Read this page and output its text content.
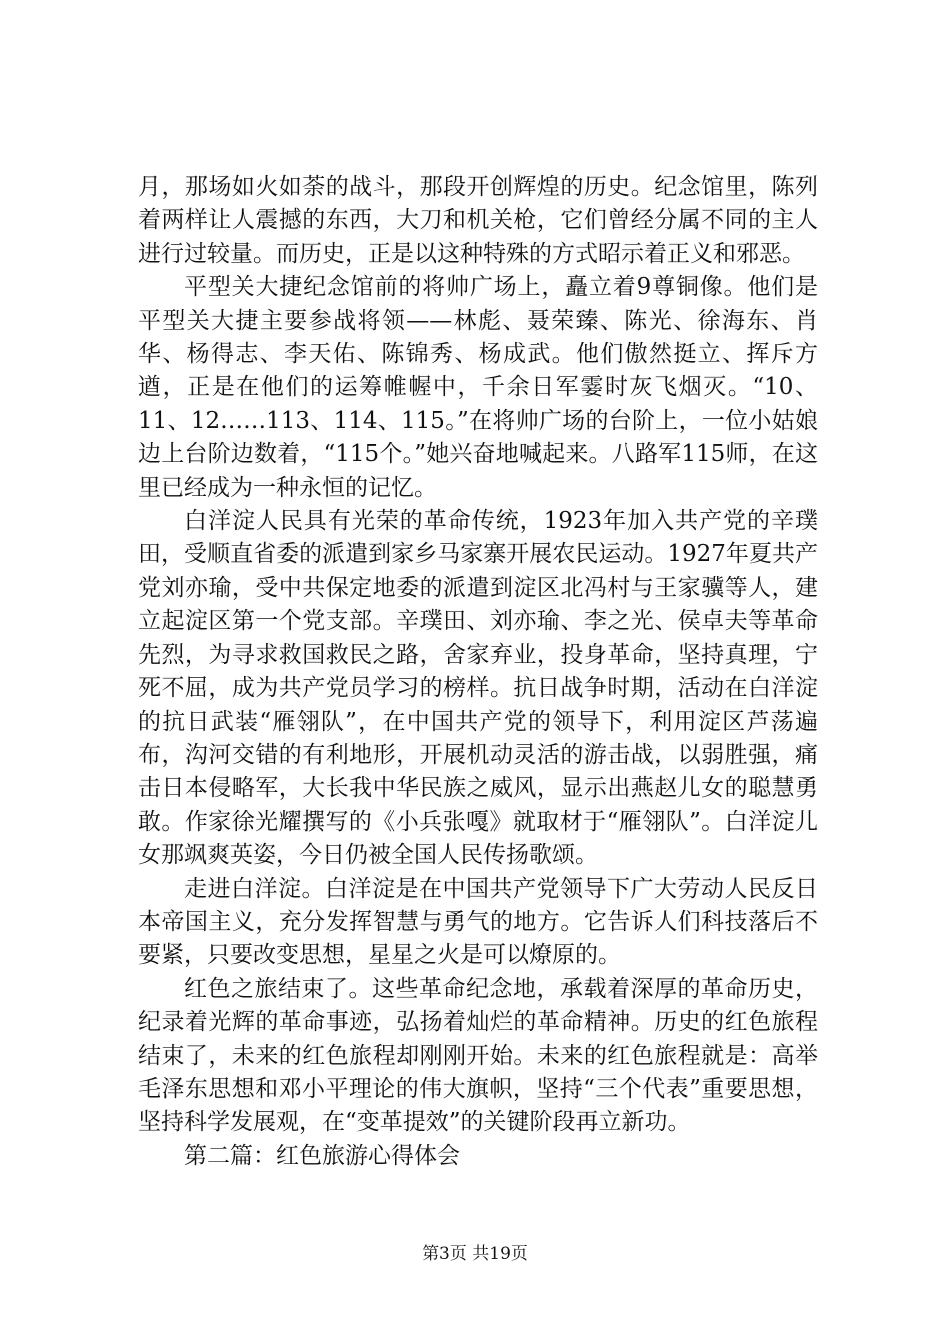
月，那场如火如荼的战斗，那段开创辉煌的历史。纪念馆里，陈列着两样让人震撼的东西，大刀和机关枪，它们曾经分属不同的主人进行过较量。而历史，正是以这种特殊的方式昭示着正义和邪恶。

平型关大捷纪念馆前的将帅广场上，矗立着9尊铜像。他们是平型关大捷主要参战将领——林彪、聂荣臻、陈光、徐海东、肖华、杨得志、李天佑、陈锦秀、杨成武。他们傲然挺立、挥斥方遒，正是在他们的运筹帷幄中，千余日军霎时灰飞烟灭。“10、11、12……113、114、115。”在将帅广场的台阶上，一位小姑娘边上台阶边数着，“115个。”她兴奋地喊起来。八路军115师，在这里已经成为一种永恒的记忆。

白洋淀人民具有光荣的革命传统，1923年加入共产党的辛璞田，受顺直省委的派遣到家乡马家寨开展农民运动。1927年夏共产党刘亦瑜，受中共保定地委的派遣到淀区北冯村与王家骥等人，建立起淀区第一个党支部。辛璞田、刘亦瑜、李之光、侯卓夫等革命先烈，为寻求救国救民之路，舍家弃业，投身革命，坚持真理，宁死不屈，成为共产党员学习的榜样。抗日战争时期，活动在白洋淀的抗日武装“雁翎队”，在中国共产党的领导下，利用淀区芦荡遍布，沟河交错的有利地形，开展机动灵活的游击战，以弱胜强，痛击日本侵略军，大长我中华民族之威风，显示出燕赵儿女的聪慧勇敢。作家徐光耀撰写的《小兵张嘎》就取材于“雁翎队”。白洋淀儿女那飒爽英姿，今日仍被全国人民传扬歌颂。

走进白洋淀。白洋淀是在中国共产党领导下广大劳动人民反日本帝国主义，充分发挥智慧与勇气的地方。它告诉人们科技落后不要紧，只要改变思想，星星之火是可以燎原的。

红色之旅结束了。这些革命纪念地，承载着深厚的革命历史，纪录着光辉的革命事迹，弘扬着灿烂的革命精神。历史的红色旅程结束了，未来的红色旅程却刚刚开始。未来的红色旅程就是：高举毛泽东思想和邓小平理论的伟大旗帜，坚持“三个代表”重要思想，坚持科学发展观，在“变革提效”的关键阶段再立新功。

第二篇：红色旅游心得体会

第3页 共19页
